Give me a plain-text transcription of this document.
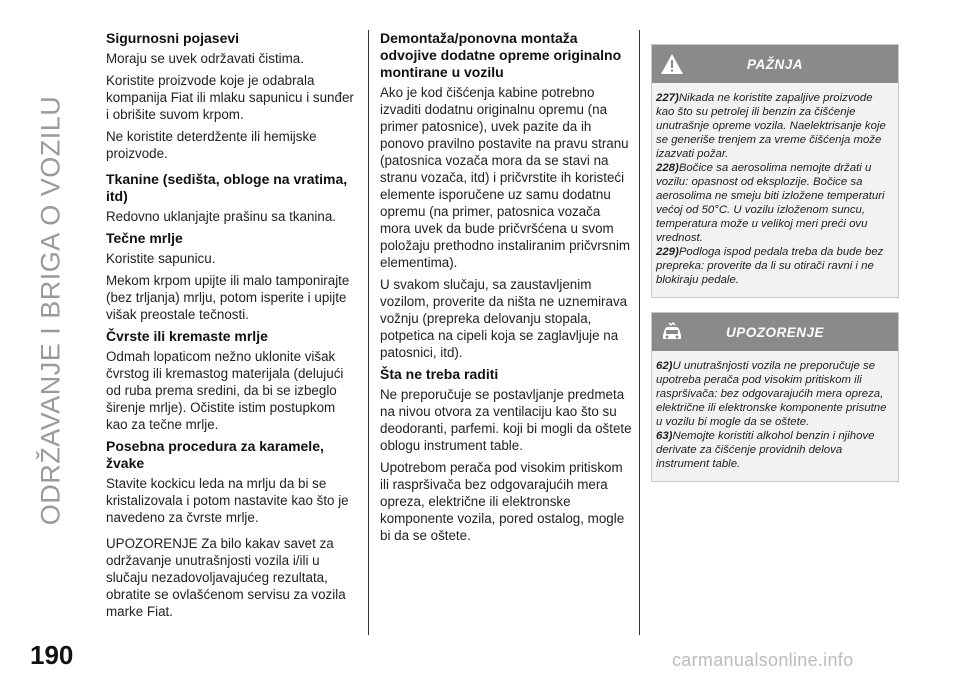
ODRŽAVANJE I BRIGA O VOZILU
Sigurnosni pojasevi

Moraju se uvek održavati čistima.

Koristite proizvode koje je odabrala kompanija Fiat ili mlaku sapunicu i sunđer i obrišite suvom krpom.

Ne koristite deterdžente ili hemijske proizvode.

Tkanine (sedišta, obloge na vratima, itd)

Redovno uklanjajte prašinu sa tkanina.

Tečne mrlje

Koristite sapunicu.

Mekom krpom upijte ili malo tamponirajte (bez trljanja) mrlju, potom isperite i upijte višak preostale tečnosti.

Čvrste ili kremaste mrlje

Odmah lopaticom nežno uklonite višak čvrstog ili kremastog materijala (delujući od ruba prema sredini, da bi se izbeglo širenje mrlje). Očistite istim postupkom kao za tečne mrlje.

Posebna procedura za karamele, žvake

Stavite kockicu leda na mrlju da bi se kristalizovala i potom nastavite kao što je navedeno za čvrste mrlje.

UPOZORENJE Za bilo kakav savet za održavanje unutrašnjosti vozila i/ili u slučaju nezadovoljavajućeg rezultata, obratite se ovlašćenom servisu za vozila marke Fiat.

Demontaža/ponovna montaža odvojive dodatne opreme originalno montirane u vozilu

Ako je kod čišćenja kabine potrebno izvaditi dodatnu originalnu opremu (na primer patosnice), uvek pazite da ih ponovo pravilno postavite na pravu stranu (patosnica vozača mora da se stavi na stranu vozača, itd) i pričvrstite ih koristeći elemente isporučene uz samu dodatnu opremu (na primer, patosnica vozača mora uvek da bude pričvršćena u svom položaju prethodno instaliranim pričvrsnim elementima).

U svakom slučaju, sa zaustavljenim vozilom, proverite da ništa ne uznemirava vožnju (prepreka delovanju stopala, potpetica na cipeli koja se zaglavljuje na patosnici, itd).

Šta ne treba raditi

Ne preporučuje se postavljanje predmeta na nivou otvora za ventilaciju kao što su deodoranti, parfemi. koji bi mogli da oštete oblogu instrument table.

Upotrebom perača pod visokim pritiskom ili raspršivača bez odgovarajućih mera opreza, električne ili elektronske komponente vozila, pored ostalog, mogle bi da se oštete.

PAŽNJA
227)Nikada ne koristite zapaljive proizvode kao što su petrolej ili benzin za čišćenje unutrašnje opreme vozila. Naelektrisanje koje se generiše trenjem za vreme čišćenja može izazvati požar.
228)Bočice sa aerosolima nemojte držati u vozilu: opasnost od eksplozije. Bočice sa aerosolima ne smeju biti izložene temperaturi većoj od 50°C. U vozilu izloženom suncu, temperatura može u velikoj meri preći ovu vrednost.
229)Podloga ispod pedala treba da bude bez prepreka: proverite da li su otirači ravni i ne blokiraju pedale.
UPOZORENJE
62)U unutrašnjosti vozila ne preporučuje se upotreba perača pod visokim pritiskom ili raspršivača: bez odgovarajućih mera opreza, električne ili elektronske komponente prisutne u vozilu bi mogle da se oštete.
63)Nemojte koristiti alkohol benzin i njihove derivate za čišćenje providnih delova instrument table.
190	carmanualsonline.info
